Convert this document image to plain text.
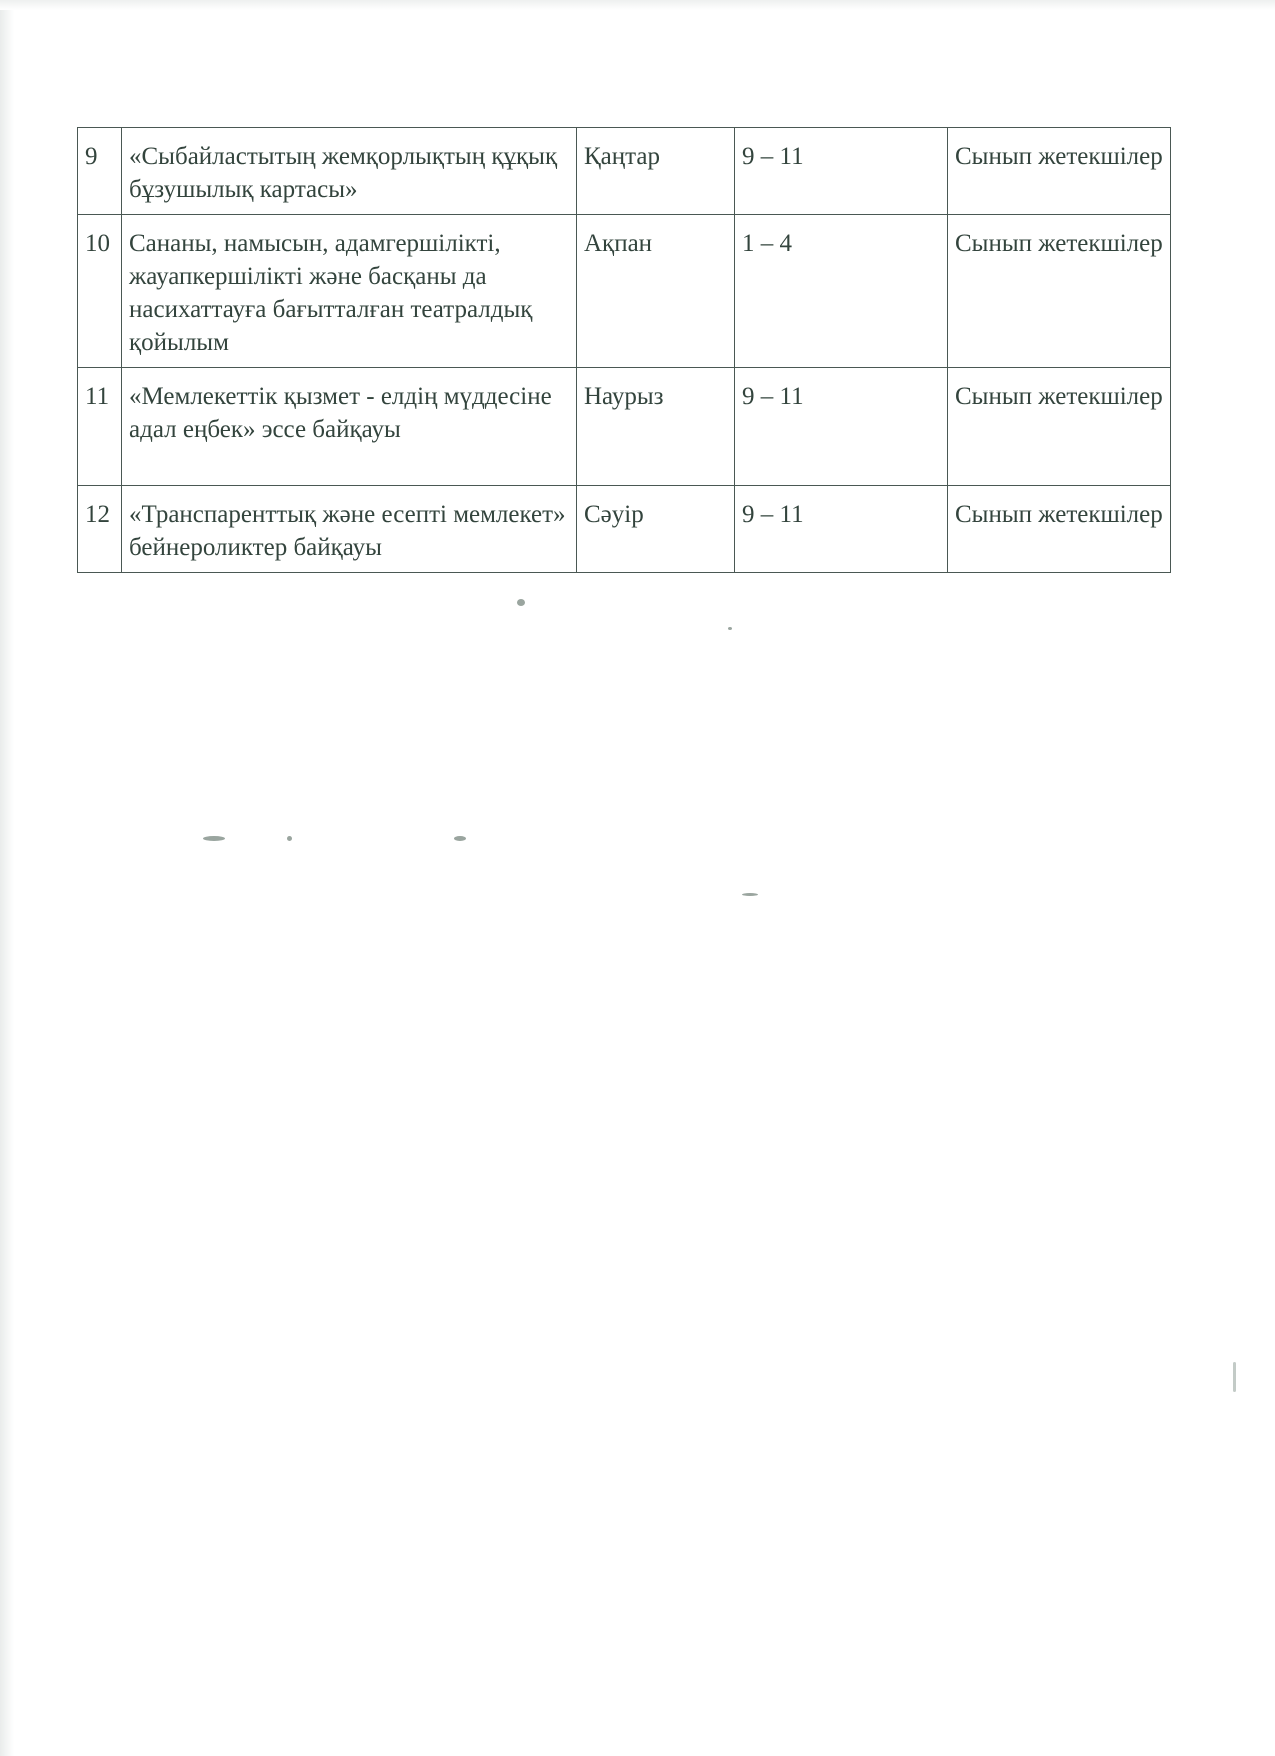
9	«Сыбайластытың жемқорлықтың құқық бұзушылық картасы»	Қаңтар	9 – 11	Сынып жетекшілер
10	Сананы, намысын, адамгершілікті, жауапкершілікті және басқаны да насихаттауға бағытталған театралдық қойылым	Ақпан	1 – 4	Сынып жетекшілер
11	«Мемлекеттік қызмет - елдің мүддесіне адал еңбек» эссе байқауы	Наурыз	9 – 11	Сынып жетекшілер
12	«Транспаренттық және есепті мемлекет» бейнероликтер байқауы	Сәуір	9 – 11	Сынып жетекшілер
